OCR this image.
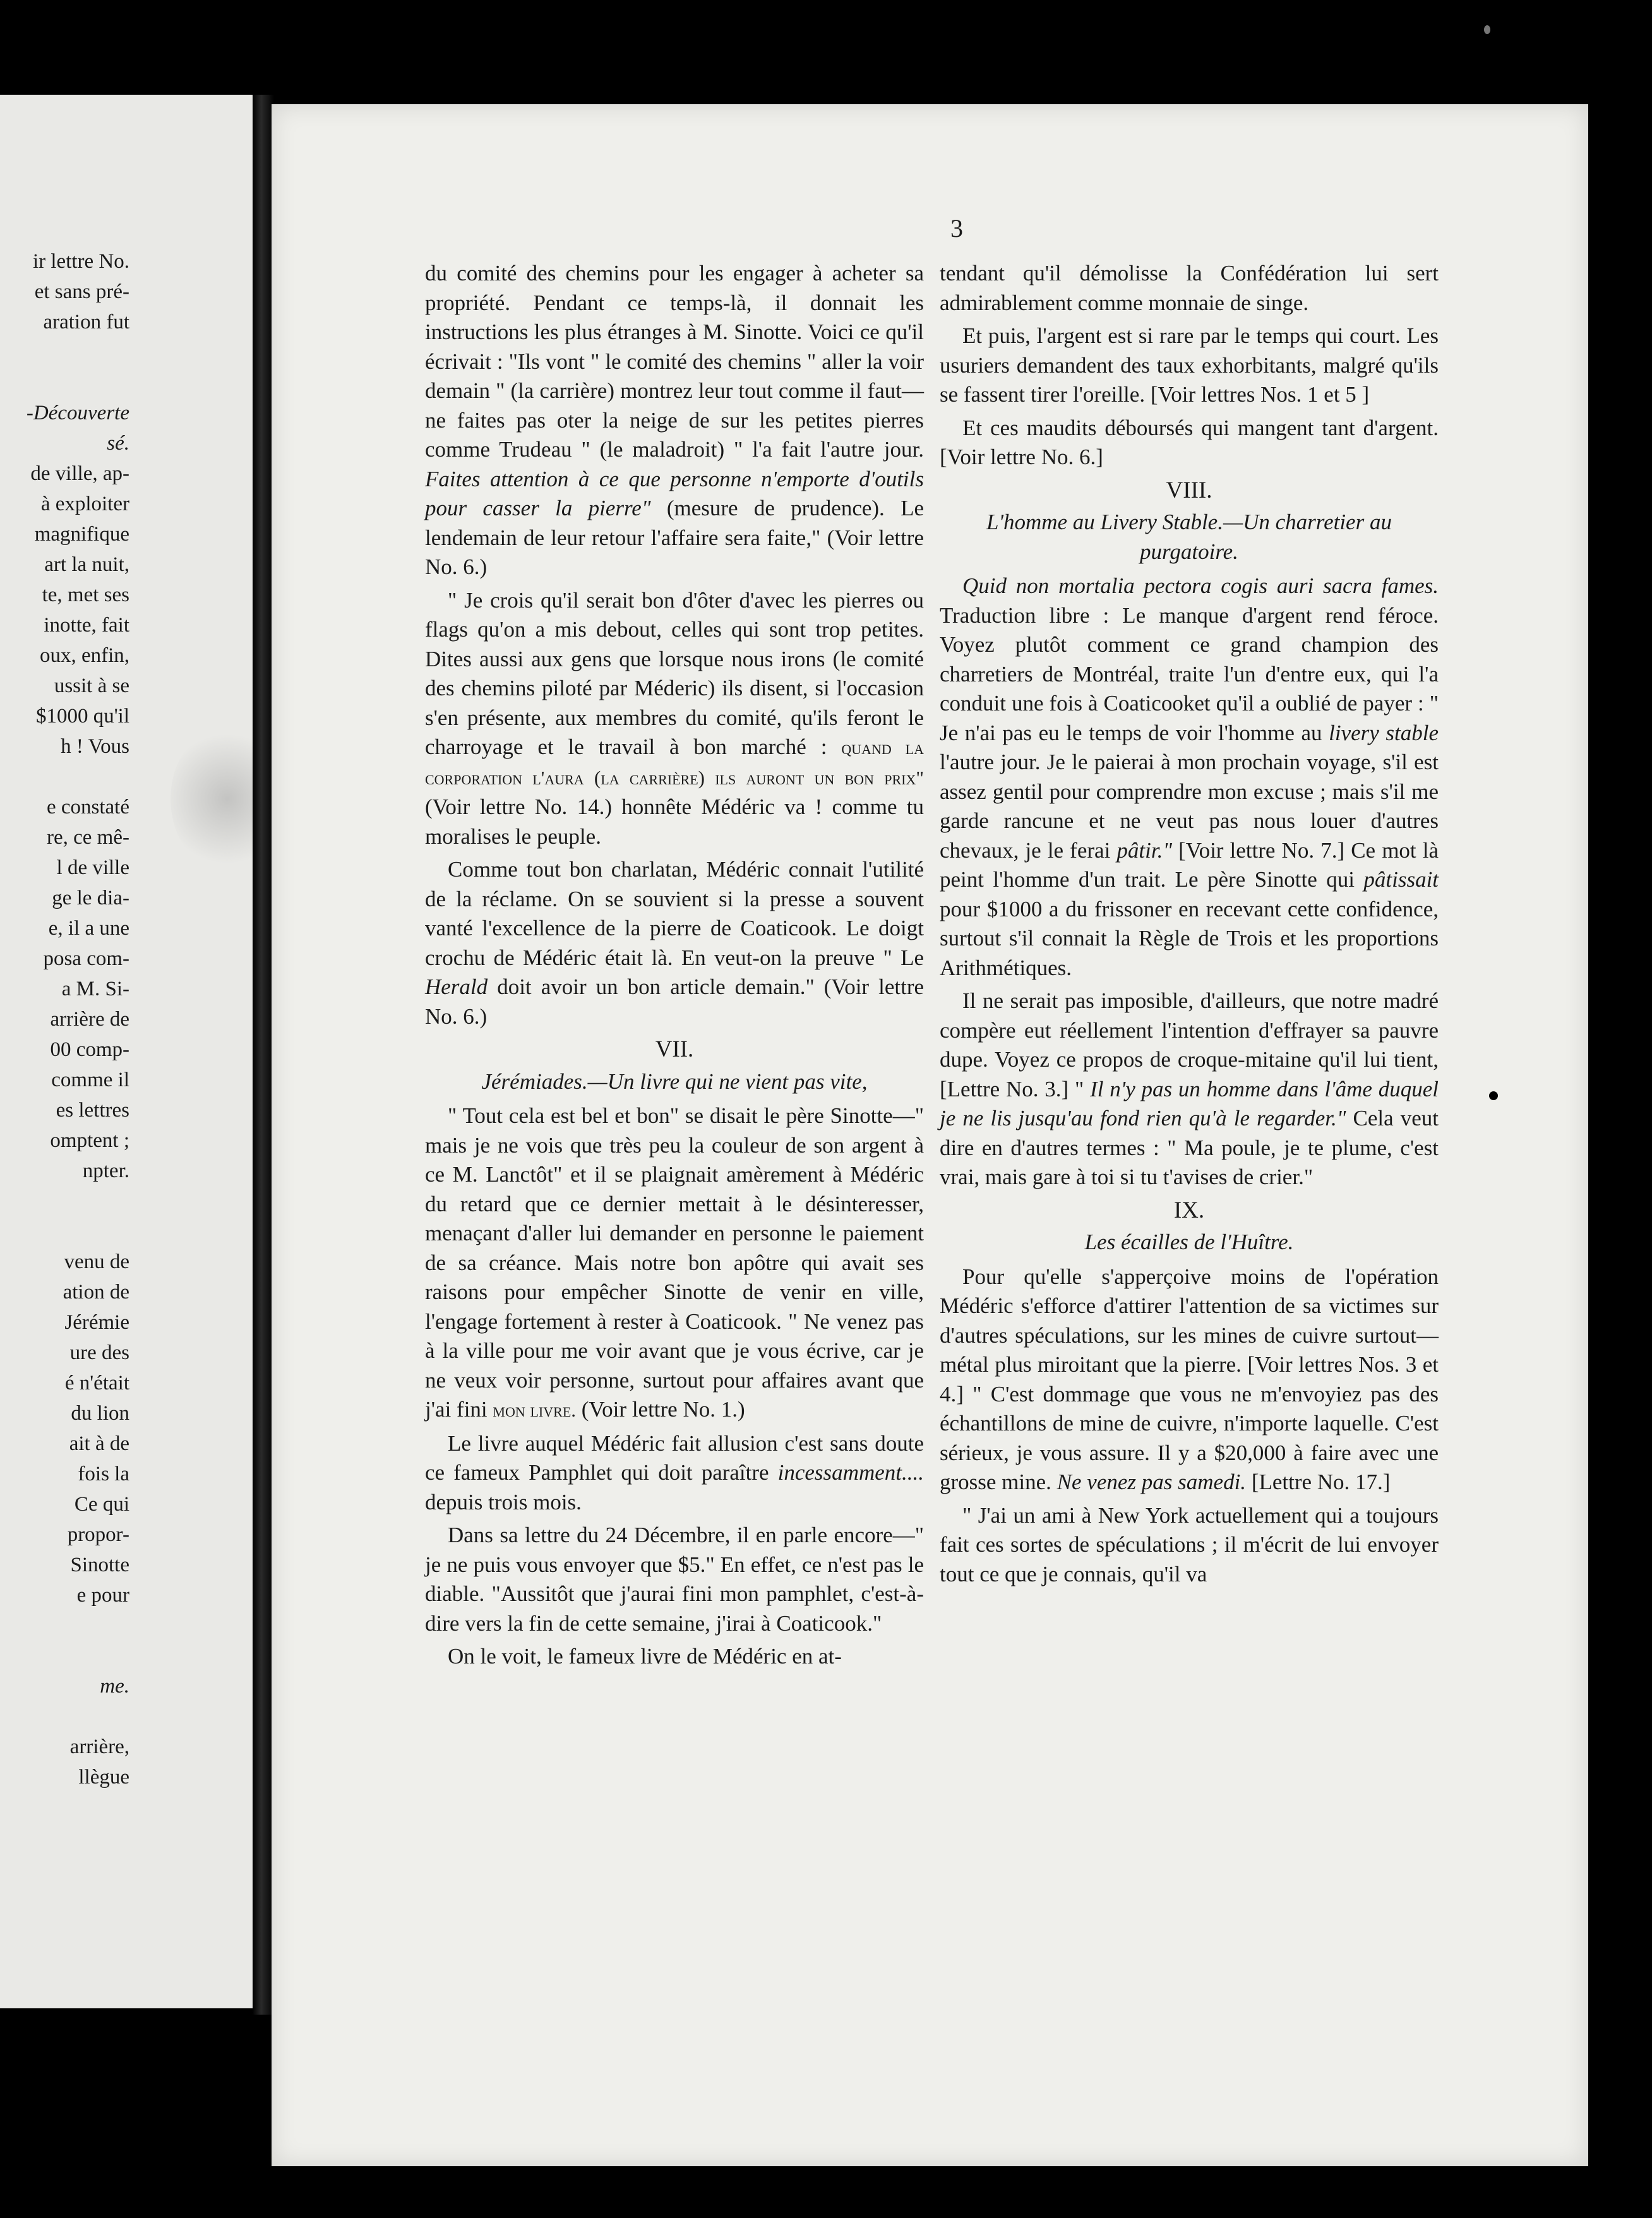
ir lettre No.
et sans pré-
aration fut
-Découverte
sé.
de ville, ap-
à exploiter
magnifique
art la nuit,
te, met ses
inotte, fait
oux, enfin,
ussit à se
$1000 qu'il
h ! Vous
e constaté
re, ce mê-
l de ville
ge le dia-
e, il a une
posa com-
a M. Si-
arrière de
00 comp-
comme il
es lettres
omptent ;
npter.
venu de
ation de
Jérémie
ure des
é n'était
du lion
ait à de
fois la
Ce qui
propor-
Sinotte
e pour
me.
arrière,
llègue
3

du comité des chemins pour les engager à acheter sa propriété. Pendant ce temps-là, il donnait les instructions les plus étranges à M. Sinotte. Voici ce qu'il écrivait : "Ils vont " le comité des chemins " aller la voir demain " (la carrière) montrez leur tout comme il faut—ne faites pas oter la neige de sur les petites pierres comme Trudeau " (le maladroit) " l'a fait l'autre jour. Faites attention à ce que personne n'emporte d'outils pour casser la pierre" (mesure de prudence). Le lendemain de leur retour l'affaire sera faite," (Voir lettre No. 6.)

" Je crois qu'il serait bon d'ôter d'avec les pierres ou flags qu'on a mis debout, celles qui sont trop petites. Dites aussi aux gens que lorsque nous irons (le comité des chemins piloté par Méderic) ils disent, si l'occasion s'en présente, aux membres du comité, qu'ils feront le charroyage et le travail à bon marché : quand la corporation l'aura (la carrière) ils auront un bon prix" (Voir lettre No. 14.) honnête Médéric va ! comme tu moralises le peuple.

Comme tout bon charlatan, Médéric connait l'utilité de la réclame. On se souvient si la presse a souvent vanté l'excellence de la pierre de Coaticook. Le doigt crochu de Médéric était là. En veut-on la preuve " Le Herald doit avoir un bon article demain." (Voir lettre No. 6.)

VII.
Jérémiades.—Un livre qui ne vient pas vite,

" Tout cela est bel et bon" se disait le père Sinotte—" mais je ne vois que très peu la couleur de son argent à ce M. Lanctôt" et il se plaignait amèrement à Médéric du retard que ce dernier mettait à le désinteresser, menaçant d'aller lui demander en personne le paiement de sa créance. Mais notre bon apôtre qui avait ses raisons pour empêcher Sinotte de venir en ville, l'engage fortement à rester à Coaticook. " Ne venez pas à la ville pour me voir avant que je vous écrive, car je ne veux voir personne, surtout pour affaires avant que j'ai fini mon livre. (Voir lettre No. 1.)

Le livre auquel Médéric fait allusion c'est sans doute ce fameux Pamphlet qui doit paraître incessamment.... depuis trois mois.

Dans sa lettre du 24 Décembre, il en parle encore—" je ne puis vous envoyer que $5." En effet, ce n'est pas le diable. "Aussitôt que j'aurai fini mon pamphlet, c'est-à-dire vers la fin de cette semaine, j'irai à Coaticook."

On le voit, le fameux livre de Médéric en at-

tendant qu'il démolisse la Confédération lui sert admirablement comme monnaie de singe.

Et puis, l'argent est si rare par le temps qui court. Les usuriers demandent des taux exhorbitants, malgré qu'ils se fassent tirer l'oreille. [Voir lettres Nos. 1 et 5 ]

Et ces maudits déboursés qui mangent tant d'argent. [Voir lettre No. 6.]

VIII.
L'homme au Livery Stable.—Un charretier au purgatoire.

Quid non mortalia pectora cogis auri sacra fames. Traduction libre : Le manque d'argent rend féroce. Voyez plutôt comment ce grand champion des charretiers de Montréal, traite l'un d'entre eux, qui l'a conduit une fois à Coaticooket qu'il a oublié de payer : " Je n'ai pas eu le temps de voir l'homme au livery stable l'autre jour. Je le paierai à mon prochain voyage, s'il est assez gentil pour comprendre mon excuse ; mais s'il me garde rancune et ne veut pas nous louer d'autres chevaux, je le ferai pâtir." [Voir lettre No. 7.] Ce mot là peint l'homme d'un trait. Le père Sinotte qui pâtissait pour $1000 a du frissoner en recevant cette confidence, surtout s'il connait la Règle de Trois et les proportions Arithmétiques.

Il ne serait pas imposible, d'ailleurs, que notre madré compère eut réellement l'intention d'effrayer sa pauvre dupe. Voyez ce propos de croque-mitaine qu'il lui tient, [Lettre No. 3.] " Il n'y pas un homme dans l'âme duquel je ne lis jusqu'au fond rien qu'à le regarder." Cela veut dire en d'autres termes : " Ma poule, je te plume, c'est vrai, mais gare à toi si tu t'avises de crier."

IX.
Les écailles de l'Huître.

Pour qu'elle s'apperçoive moins de l'opération Médéric s'efforce d'attirer l'attention de sa victimes sur d'autres spéculations, sur les mines de cuivre surtout—métal plus miroitant que la pierre. [Voir lettres Nos. 3 et 4.] " C'est dommage que vous ne m'envoyiez pas des échantillons de mine de cuivre, n'importe laquelle. C'est sérieux, je vous assure. Il y a $20,000 à faire avec une grosse mine. Ne venez pas samedi. [Lettre No. 17.]

" J'ai un ami à New York actuellement qui a toujours fait ces sortes de spéculations ; il m'écrit de lui envoyer tout ce que je connais, qu'il va
